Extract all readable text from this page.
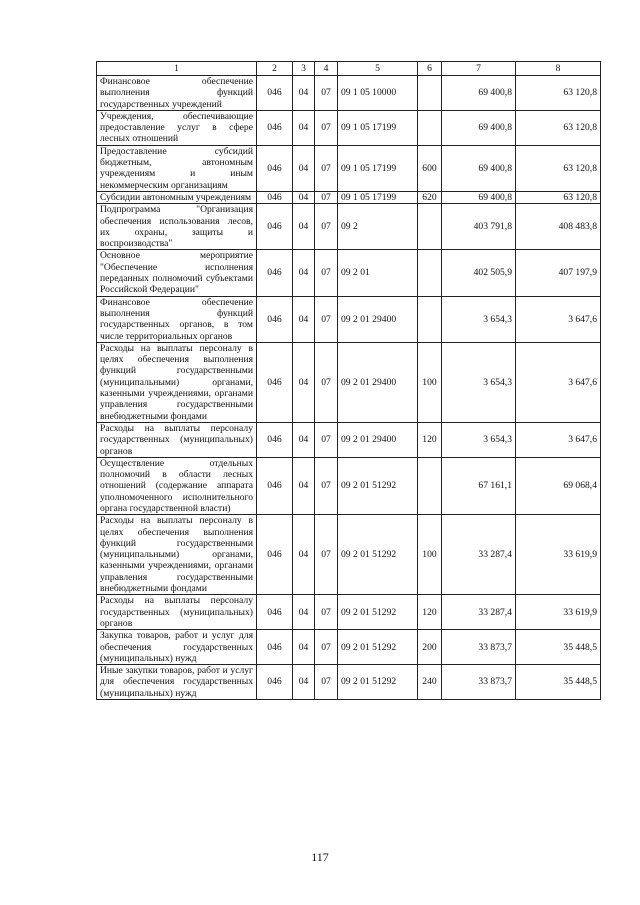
1	2	3	4	5	6	7	8
Финансовое обеспечение выполнения функций государственных учреждений	046	04	07	09 1 05 10000		69 400,8	63 120,8
Учреждения, обеспечивающие предоставление услуг в сфере лесных отношений	046	04	07	09 1 05 17199		69 400,8	63 120,8
Предоставление субсидий бюджетным, автономным учреждениям и иным некоммерческим организациям	046	04	07	09 1 05 17199	600	69 400,8	63 120,8
Субсидии автономным учреждениям	046	04	07	09 1 05 17199	620	69 400,8	63 120,8
Подпрограмма "Организация обеспечения использования лесов, их охраны, защиты и воспроизводства"	046	04	07	09 2		403 791,8	408 483,8
Основное мероприятие "Обеспечение исполнения переданных полномочий субъектами Российской Федерации"	046	04	07	09 2 01		402 505,9	407 197,9
Финансовое обеспечение выполнения функций государственных органов, в том числе территориальных органов	046	04	07	09 2 01 29400		3 654,3	3 647,6
Расходы на выплаты персоналу в целях обеспечения выполнения функций государственными (муниципальными) органами, казенными учреждениями, органами управления государственными внебюджетными фондами	046	04	07	09 2 01 29400	100	3 654,3	3 647,6
Расходы на выплаты персоналу государственных (муниципальных) органов	046	04	07	09 2 01 29400	120	3 654,3	3 647,6
Осуществление отдельных полномочий в области лесных отношений (содержание аппарата уполномоченного исполнительного органа государственной власти)	046	04	07	09 2 01 51292		67 161,1	69 068,4
Расходы на выплаты персоналу в целях обеспечения выполнения функций государственными (муниципальными) органами, казенными учреждениями, органами управления государственными внебюджетными фондами	046	04	07	09 2 01 51292	100	33 287,4	33 619,9
Расходы на выплаты персоналу государственных (муниципальных) органов	046	04	07	09 2 01 51292	120	33 287,4	33 619,9
Закупка товаров, работ и услуг для обеспечения государственных (муниципальных) нужд	046	04	07	09 2 01 51292	200	33 873,7	35 448,5
Иные закупки товаров, работ и услуг для обеспечения государственных (муниципальных) нужд	046	04	07	09 2 01 51292	240	33 873,7	35 448,5
117
